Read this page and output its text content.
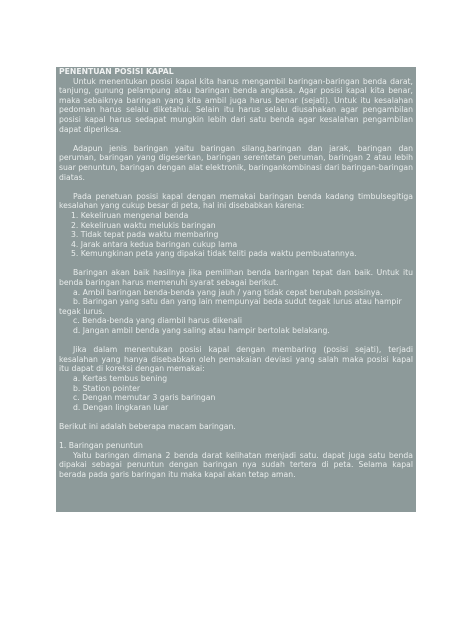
PENENTUAN POSISI KAPAL

Untuk menentukan posisi kapal kita harus mengambil baringan-baringan benda darat, tanjung, gunung pelampung atau baringan benda angkasa. Agar posisi kapal kita benar, maka sebaiknya baringan yang kita ambil juga harus benar (sejati). Untuk itu kesalahan pedoman harus selalu diketahui. Selain itu harus selalu diusahakan agar pengambilan posisi kapal harus sedapat mungkin lebih dari satu benda agar kesalahan pengambilan dapat diperiksa.

Adapun jenis baringan yaitu baringan silang,baringan dan jarak, baringan dan peruman, baringan yang digeserkan, baringan serentetan peruman, baringan 2 atau lebih suar penuntun, baringan dengan alat elektronik, baringankombinasi dari baringan-baringan diatas.

Pada penetuan posisi kapal dengan memakai baringan benda kadang timbulsegitiga kesalahan yang cukup besar di peta, hal ini disebabkan karena:

1. Kekeliruan mengenal benda

2. Kekeliruan waktu melukis baringan

3. Tidak tepat pada waktu membaring

4. Jarak antara kedua baringan cukup lama

5. Kemungkinan peta yang dipakai tidak teliti pada waktu pembuatannya.

Baringan akan baik hasilnya jika pemilihan benda baringan tepat dan baik. Untuk itu benda baringan harus memenuhi syarat sebagai berikut.

a. Ambil baringan benda-benda yang jauh / yang tidak cepat berubah posisinya.

b. Baringan yang satu dan yang lain mempunyai beda sudut tegak lurus atau hampir tegak lurus.

c. Benda-benda yang diambil harus dikenali

d. Jangan ambil benda yang saling atau hampir bertolak belakang.

Jika dalam menentukan posisi kapal dengan membaring (posisi sejati), terjadi kesalahan yang hanya disebabkan oleh pemakaian deviasi yang salah maka posisi kapal itu dapat di koreksi dengan memakai:

a. Kertas tembus bening

b. Station pointer

c. Dengan memutar 3 garis baringan

d. Dengan lingkaran luar

Berikut ini adalah beberapa macam baringan.

1. Baringan penuntun

Yaitu baringan dimana 2 benda darat kelihatan menjadi satu. dapat juga satu benda dipakai sebagai penuntun dengan baringan nya sudah tertera di peta. Selama kapal berada pada garis baringan itu maka kapal akan tetap aman.
